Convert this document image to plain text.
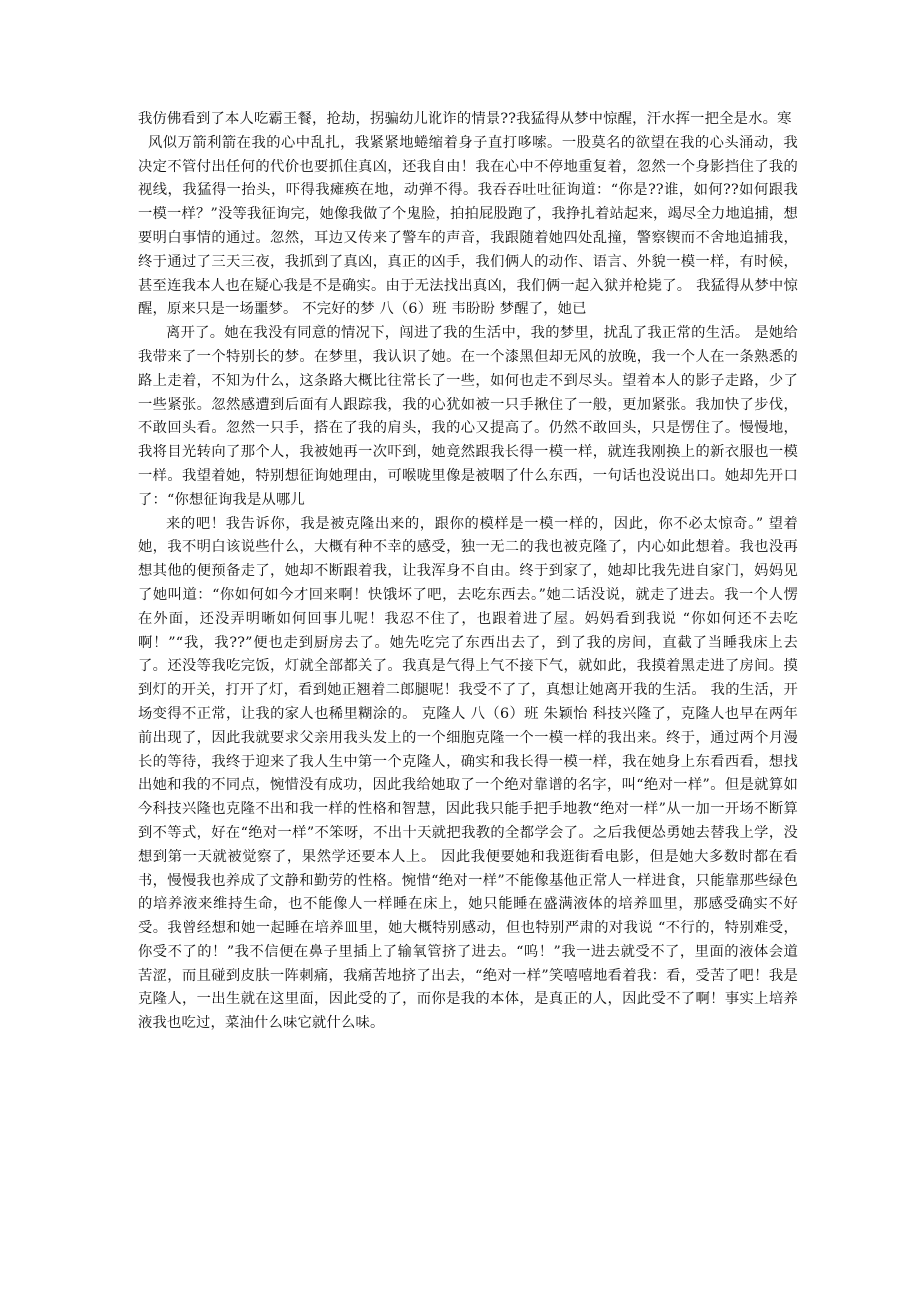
我仿佛看到了本人吃霸王餐，抢劫，拐骗幼儿讹诈的情景??我猛得从梦中惊醒，汗水挥一把全是水。寒

风似万箭利箭在我的心中乱扎，我紧紧地蜷缩着身子直打哆嗦。一股莫名的欲望在我的心头涌动，我决定不管付出任何的代价也要抓住真凶，还我自由！我在心中不停地重复着，忽然一个身影挡住了我的视线，我猛得一抬头，吓得我瘫痪在地，动弹不得。我吞吞吐吐征询道：“你是??谁，如何??如何跟我一模一样？”没等我征询完，她像我做了个鬼脸，拍拍屁股跑了，我挣扎着站起来，竭尽全力地追捕，想要明白事情的通过。忽然，耳边又传来了警车的声音，我跟随着她四处乱撞，警察锲而不舍地追捕我，终于通过了三天三夜，我抓到了真凶，真正的凶手，我们俩人的动作、语言、外貌一模一样，有时候，甚至连我本人也在疑心我是不是确实。由于无法找出真凶，我们俩一起入狱并枪毙了。 我猛得从梦中惊醒，原来只是一场噩梦。 不完好的梦 八（6）班 韦盼盼 梦醒了，她已

离开了。她在我没有同意的情况下，闯进了我的生活中，我的梦里，扰乱了我正常的生活。 是她给我带来了一个特别长的梦。在梦里，我认识了她。在一个漆黑但却无风的放晚，我一个人在一条熟悉的路上走着，不知为什么，这条路大概比往常长了一些，如何也走不到尽头。望着本人的影子走路，少了一些紧张。忽然感遭到后面有人跟踪我，我的心犹如被一只手揪住了一般，更加紧张。我加快了步伐，不敢回头看。忽然一只手，搭在了我的肩头，我的心又提高了。仍然不敢回头，只是愣住了。慢慢地，我将目光转向了那个人，我被她再一次吓到，她竟然跟我长得一模一样，就连我刚换上的新衣服也一模一样。我望着她，特别想征询她理由，可喉咙里像是被咽了什么东西，一句话也没说出口。她却先开口了：“你想征询我是从哪儿

来的吧！我告诉你，我是被克隆出来的，跟你的模样是一模一样的，因此，你不必太惊奇。” 望着她，我不明白该说些什么，大概有种不幸的感受，独一无二的我也被克隆了，内心如此想着。我也没再想其他的便预备走了，她却不断跟着我，让我浑身不自由。终于到家了，她却比我先进自家门，妈妈见了她叫道：“你如何如今才回来啊！快饿坏了吧，去吃东西去。”她二话没说，就走了进去。我一个人愣在外面，还没弄明晰如何回事儿呢！我忍不住了，也跟着进了屋。妈妈看到我说 “你如何还不去吃啊！”“我，我??”便也走到厨房去了。她先吃完了东西出去了，到了我的房间，直截了当睡我床上去了。还没等我吃完饭，灯就全部都关了。我真是气得上气不接下气，就如此，我摸着黑走进了房间。摸到灯的开关，打开了灯，看到她正翘着二郎腿呢！我受不了了，真想让她离开我的生活。 我的生活，开场变得不正常，让我的家人也稀里糊涂的。 克隆人 八（6）班 朱颖怡 科技兴隆了，克隆人也早在两年前出现了，因此我就要求父亲用我头发上的一个细胞克隆一个一模一样的我出来。终于，通过两个月漫长的等待，我终于迎来了我人生中第一个克隆人，确实和我长得一模一样，我在她身上东看西看，想找出她和我的不同点，惋惜没有成功，因此我给她取了一个绝对靠谱的名字，叫“绝对一样”。但是就算如今科技兴隆也克隆不出和我一样的性格和智慧，因此我只能手把手地教“绝对一样”从一加一开场不断算到不等式，好在“绝对一样”不笨呀，不出十天就把我教的全都学会了。之后我便怂勇她去替我上学，没想到第一天就被觉察了，果然学还要本人上。 因此我便要她和我逛街看电影，但是她大多数时都在看书，慢慢我也养成了文静和勤劳的性格。惋惜“绝对一样”不能像基他正常人一样进食，只能靠那些绿色的培养液来维持生命，也不能像人一样睡在床上，她只能睡在盛满液体的培养皿里，那感受确实不好受。我曾经想和她一起睡在培养皿里，她大概特别感动，但也特别严肃的对我说 “不行的，特别难受，你受不了的！”我不信便在鼻子里插上了输氧管挤了进去。“呜！”我一进去就受不了，里面的液体会道苦涩，而且碰到皮肤一阵刺痛，我痛苦地挤了出去，“绝对一样”笑嘻嘻地看着我：看，受苦了吧！我是克隆人，一出生就在这里面，因此受的了，而你是我的本体，是真正的人，因此受不了啊！事实上培养液我也吃过，菜油什么味它就什么味。
